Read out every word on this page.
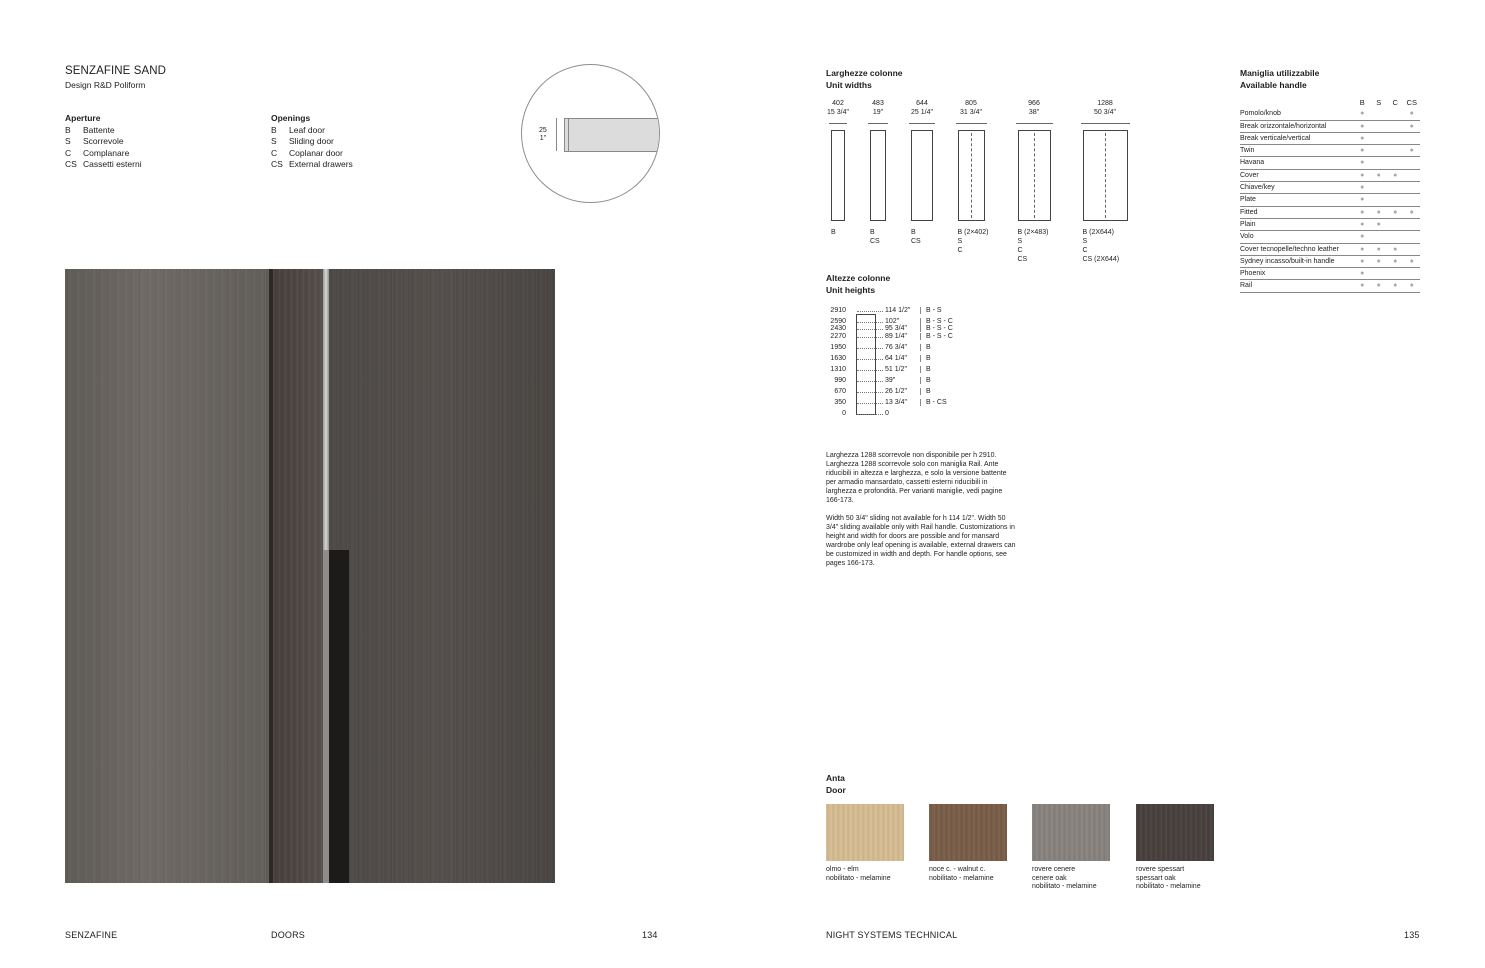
SENZAFINE SAND
Design R&D Poliform
Aperture
B Battente
S Scorrevole
C Complanare
CS Cassetti esterni
Openings
B Leaf door
S Sliding door
C Coplanar door
CS External drawers
25
1"
SENZAFINE	DOORS	134
Larghezze colonne
Unit widths
402
15 3/4"
B
483
19"
B
CS
644
25 1/4"
B
CS
805
31 3/4"
B (2×402)
S
C
966
38"
B (2×483)
S
C
CS
1288
50 3/4"
B (2X644)
S
C
CS (2X644)
Altezze colonne
Unit heights
2910	114 1/2" B - S
2590	102"	B - S - C
2430	95 3/4"	B - S - C
2270	89 1/4"	B - S - C
1950	76 3/4"	B
1630	64 1/4"	B
1310	51 1/2"	B
990	39"	B
670	26 1/2"	B
350	13 3/4"	B - CS
0	0
Larghezza 1288 scorrevole non disponibile per h 2910. Larghezza 1288 scorrevole solo con maniglia Rail. Ante riducibili in altezza e larghezza, e solo la versione battente per armadio mansardato, cassetti esterni riducibili in larghezza e profondità. Per varianti maniglie, vedi pagine 166-173.
Width 50 3/4" sliding not available for h 114 1/2". Width 50 3/4" sliding available only with Rail handle. Customizations in height and width for doors are possible and for mansard wardrobe only leaf opening is available, external drawers can be customized in width and depth. For handle options, see pages 166-173.
Maniglia utilizzabile
Available handle
	B	S	C	CS
Pomolo/knob	●			●
Break orizzontale/horizontal	●			●
Break verticale/vertical	●			
Twin	●			●
Havana	●			
Cover	●	●	●	
Chiave/key	●			
Plate	●			
Fitted	●	●	●	●
Plain	●	●		
Volo	●			
Cover tecnopelle/techno leather	●	●	●	
Sydney incasso/built-in handle	●	●	●	●
Phoenix	●			
Rail	●	●	●	●
Anta
Door
olmo - elm
nobilitato - melamine
noce c. - walnut c.
nobilitato - melamine
rovere cenere
cenere oak
nobilitato - melamine
rovere spessart
spessart oak
nobilitato - melamine
NIGHT SYSTEMS TECHNICAL	135
